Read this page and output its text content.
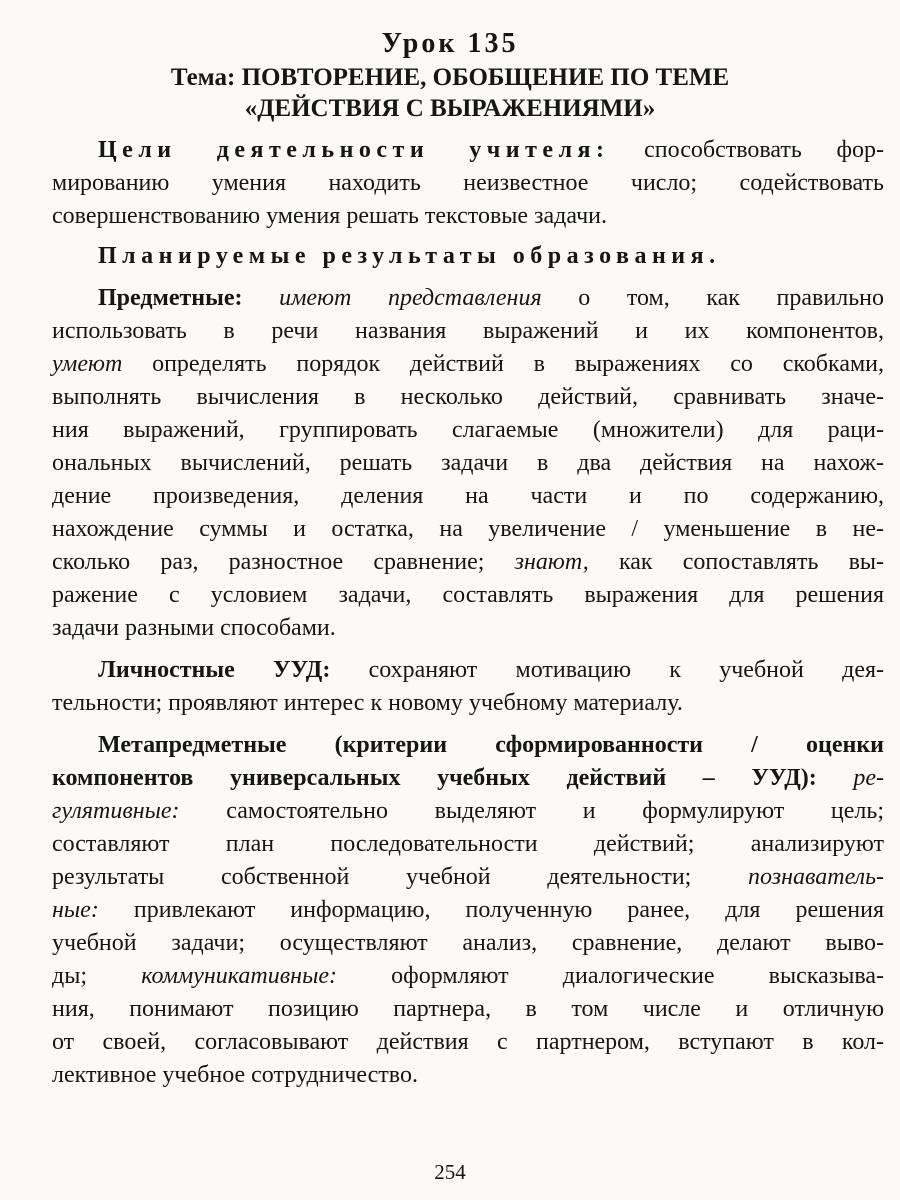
Урок 135
Тема: ПОВТОРЕНИЕ, ОБОБЩЕНИЕ ПО ТЕМЕ
«ДЕЙСТВИЯ С ВЫРАЖЕНИЯМИ»
Цели деятельности учителя: способствовать фор-
мированию умения находить неизвестное число; содействовать
совершенствованию умения решать текстовые задачи.
Планируемые результаты образования.
Предметные: имеют представления о том, как правильно
использовать в речи названия выражений и их компонентов,
умеют определять порядок действий в выражениях со скобками,
выполнять вычисления в несколько действий, сравнивать значе-
ния выражений, группировать слагаемые (множители) для раци-
ональных вычислений, решать задачи в два действия на нахож-
дение произведения, деления на части и по содержанию,
нахождение суммы и остатка, на увеличение / уменьшение в не-
сколько раз, разностное сравнение; знают, как сопоставлять вы-
ражение с условием задачи, составлять выражения для решения
задачи разными способами.
Личностные УУД: сохраняют мотивацию к учебной дея-
тельности; проявляют интерес к новому учебному материалу.
Метапредметные (критерии сформированности / оценки
компонентов универсальных учебных действий – УУД): ре-
гулятивные: самостоятельно выделяют и формулируют цель;
составляют план последовательности действий; анализируют
результаты собственной учебной деятельности; познаватель-
ные: привлекают информацию, полученную ранее, для решения
учебной задачи; осуществляют анализ, сравнение, делают выво-
ды; коммуникативные: оформляют диалогические высказыва-
ния, понимают позицию партнера, в том числе и отличную
от своей, согласовывают действия с партнером, вступают в кол-
лективное учебное сотрудничество.
254
